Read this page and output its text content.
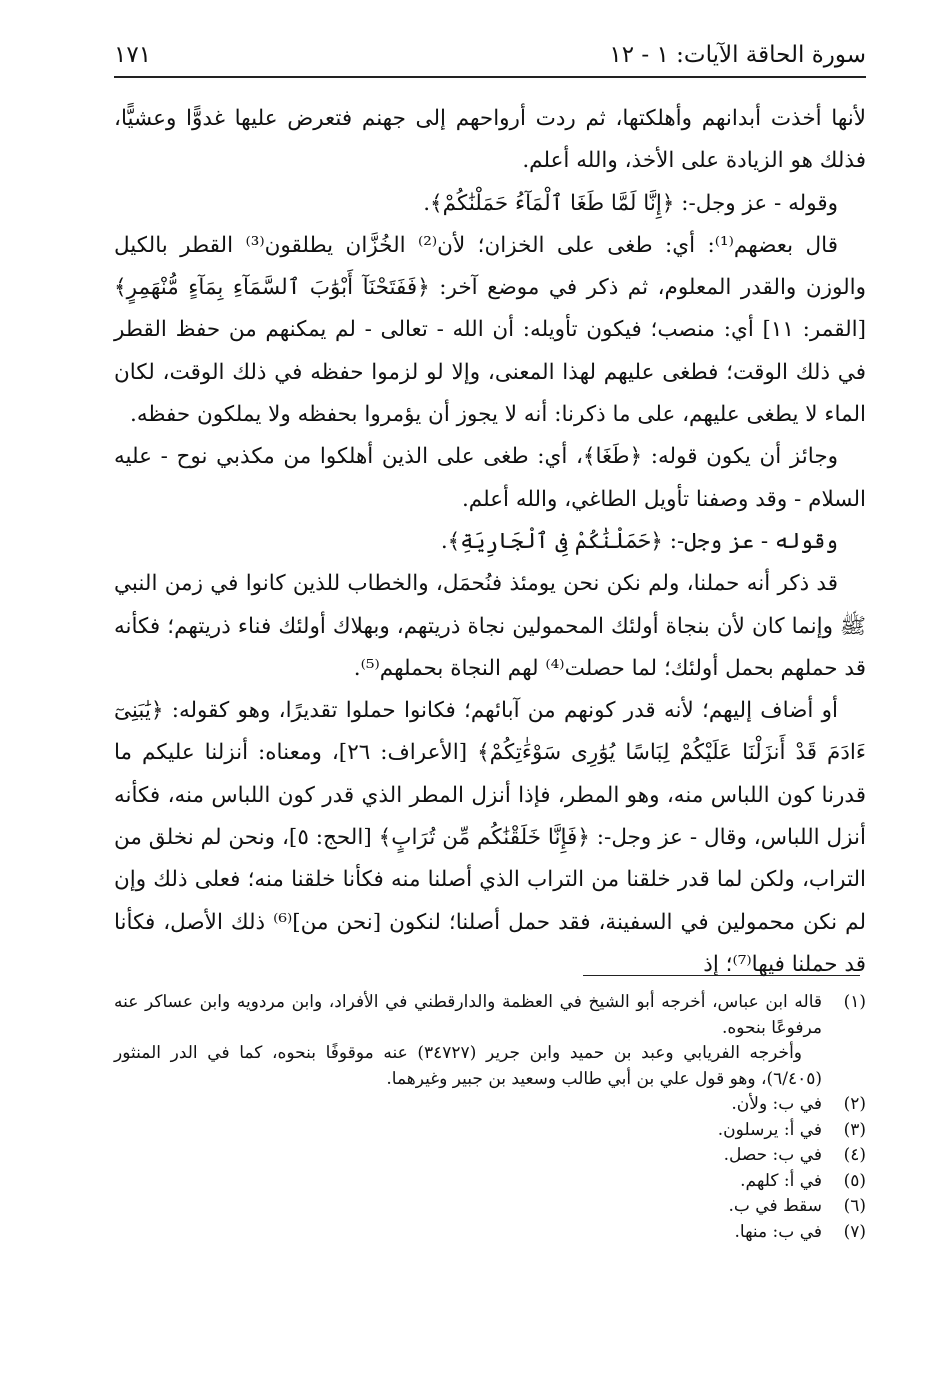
سورة الحاقة الآيات: ١ - ١٢
١٧١

لأنها أخذت أبدانهم وأهلكتها، ثم ردت أرواحهم إلى جهنم فتعرض عليها غدوًّا وعشيًّا، فذلك هو الزيادة على الأخذ، والله أعلم.

وقوله - عز وجل-: ﴿إِنَّا لَمَّا طَغَا ٱلْمَآءُ حَمَلْنَٰكُمْ﴾.

قال بعضهم⁽¹⁾: أي: طغى على الخزان؛ لأن⁽²⁾ الخُزَّان يطلقون⁽³⁾ القطر بالكيل والوزن والقدر المعلوم، ثم ذكر في موضع آخر: ﴿فَفَتَحْنَآ أَبْوَٰبَ ٱلسَّمَآءِ بِمَآءٍ مُّنْهَمِرٍ﴾ [القمر: ١١] أي: منصب؛ فيكون تأويله: أن الله - تعالى - لم يمكنهم من حفظ القطر في ذلك الوقت؛ فطغى عليهم لهذا المعنى، وإلا لو لزموا حفظه في ذلك الوقت، لكان الماء لا يطغى عليهم، على ما ذكرنا: أنه لا يجوز أن يؤمروا بحفظه ولا يملكون حفظه.

وجائز أن يكون قوله: ﴿طَغَا﴾، أي: طغى على الذين أهلكوا من مكذبي نوح - عليه السلام - وقد وصفنا تأويل الطاغي، والله أعلم.

وقوله - عز وجل-: ﴿حَمَلْنَٰكُمْ فِى ٱلْجَارِيَةِ﴾.

قد ذكر أنه حملنا، ولم نكن نحن يومئذ فنُحمَل، والخطاب للذين كانوا في زمن النبي ﷺ وإنما كان لأن بنجاة أولئك المحمولين نجاة ذريتهم، وبهلاك أولئك فناء ذريتهم؛ فكأنه قد حملهم بحمل أولئك؛ لما حصلت⁽⁴⁾ لهم النجاة بحملهم⁽⁵⁾.

أو أضاف إليهم؛ لأنه قدر كونهم من آبائهم؛ فكانوا حملوا تقديرًا، وهو كقوله: ﴿يَٰبَنِىٓ ءَادَمَ قَدْ أَنزَلْنَا عَلَيْكُمْ لِبَاسًا يُوَٰرِى سَوْءَٰتِكُمْ﴾ [الأعراف: ٢٦]، ومعناه: أنزلنا عليكم ما قدرنا كون اللباس منه، وهو المطر، فإذا أنزل المطر الذي قدر كون اللباس منه، فكأنه أنزل اللباس، وقال - عز وجل-: ﴿فَإِنَّا خَلَقْنَٰكُم مِّن تُرَابٍ﴾ [الحج: ٥]، ونحن لم نخلق من التراب، ولكن لما قدر خلقنا من التراب الذي أصلنا منه فكأنا خلقنا منه؛ فعلى ذلك وإن لم نكن محمولين في السفينة، فقد حمل أصلنا؛ لنكون [نحن من]⁽⁶⁾ ذلك الأصل، فكأنا قد حملنا فيها⁽⁷⁾؛ إذ

(١)
قاله ابن عباس، أخرجه أبو الشيخ في العظمة والدارقطني في الأفراد، وابن مردويه وابن عساكر عنه مرفوعًا بنحوه.
وأخرجه الفريابي وعبد بن حميد وابن جرير (٣٤٧٢٧) عنه موقوفًا بنحوه، كما في الدر المنثور (٦/٤٠٥)، وهو قول علي بن أبي طالب وسعيد بن جبير وغيرهما.
(٢)
في ب: ولأن.
(٣)
في أ: يرسلون.
(٤)
في ب: حصل.
(٥)
في أ: كلهم.
(٦)
سقط في ب.
(٧)
في ب: منها.
